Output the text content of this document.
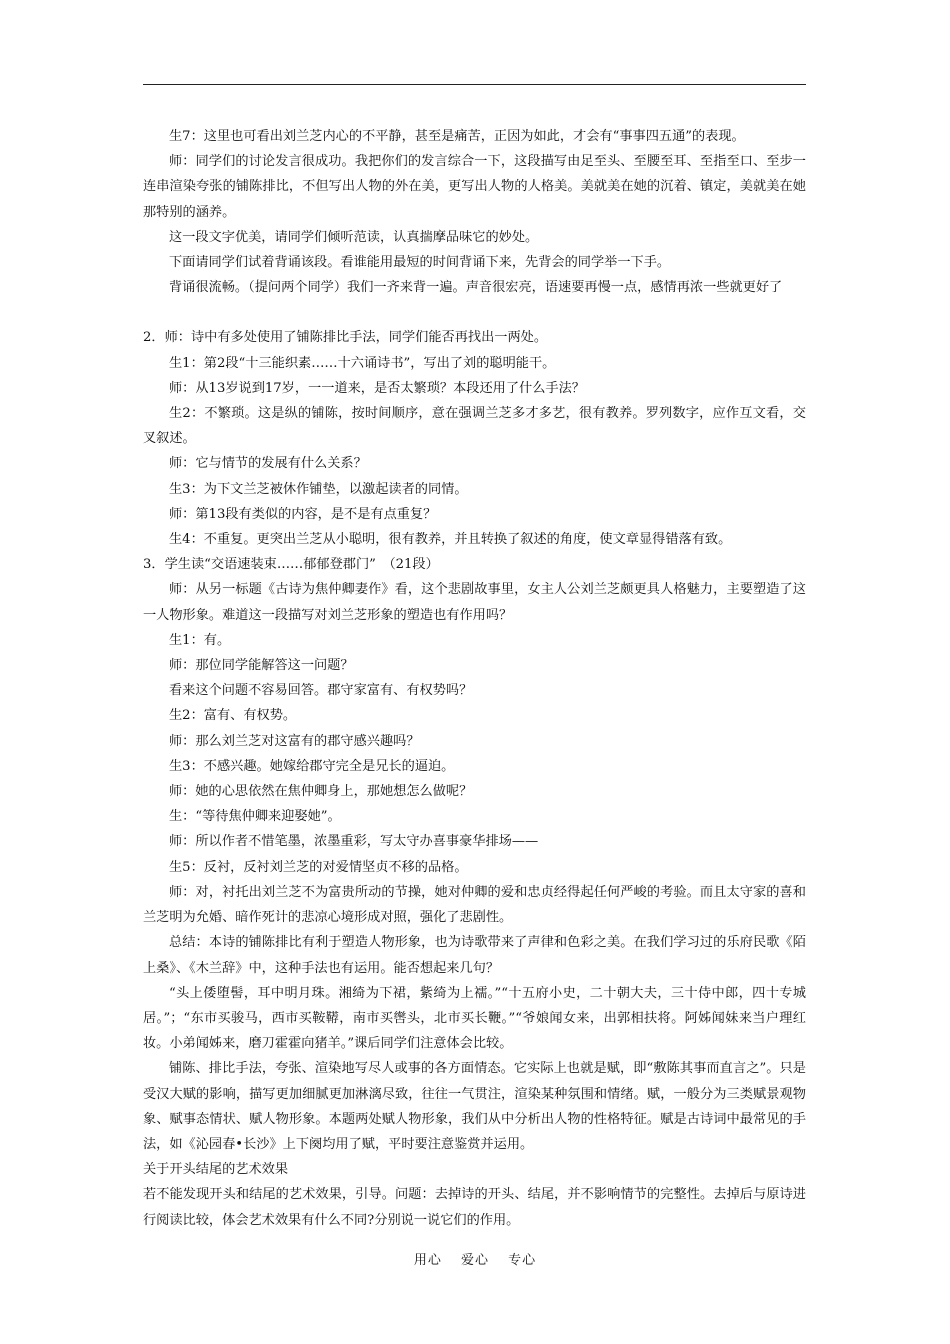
生7：这里也可看出刘兰芝内心的不平静，甚至是痛苦，正因为如此，才会有“事事四五通”的表现。

师：同学们的讨论发言很成功。我把你们的发言综合一下，这段描写由足至头、至腰至耳、至指至口、至步一连串渲染夸张的铺陈排比，不但写出人物的外在美，更写出人物的人格美。美就美在她的沉着、镇定，美就美在她那特别的涵养。

这一段文字优美，请同学们倾听范读，认真揣摩品味它的妙处。

下面请同学们试着背诵该段。看谁能用最短的时间背诵下来，先背会的同学举一下手。

背诵很流畅。（提问两个同学）我们一齐来背一遍。声音很宏亮，语速要再慢一点，感情再浓一些就更好了

2．师：诗中有多处使用了铺陈排比手法，同学们能否再找出一两处。

生1：第2段“十三能织素……十六诵诗书”，写出了刘的聪明能干。

师：从13岁说到17岁，一一道来，是否太繁琐？本段还用了什么手法？

生2：不繁琐。这是纵的铺陈，按时间顺序，意在强调兰芝多才多艺，很有教养。罗列数字，应作互文看，交叉叙述。

师：它与情节的发展有什么关系？

生3：为下文兰芝被休作铺垫，以激起读者的同情。

师：第13段有类似的内容，是不是有点重复？

生4：不重复。更突出兰芝从小聪明，很有教养，并且转换了叙述的角度，使文章显得错落有致。

3．学生读“交语速装束……郁郁登郡门”　（21段）

师：从另一标题《古诗为焦仲卿妻作》看，这个悲剧故事里，女主人公刘兰芝颇更具人格魅力，主要塑造了这一人物形象。难道这一段描写对刘兰芝形象的塑造也有作用吗？

生1：有。

师：那位同学能解答这一问题？

看来这个问题不容易回答。郡守家富有、有权势吗？

生2：富有、有权势。

师：那么刘兰芝对这富有的郡守感兴趣吗？

生3：不感兴趣。她嫁给郡守完全是兄长的逼迫。

师：她的心思依然在焦仲卿身上，那她想怎么做呢？

生：“等待焦仲卿来迎娶她”。

师：所以作者不惜笔墨，浓墨重彩，写太守办喜事豪华排场——

生5：反衬，反衬刘兰芝的对爱情坚贞不移的品格。

师：对，衬托出刘兰芝不为富贵所动的节操，她对仲卿的爱和忠贞经得起任何严峻的考验。而且太守家的喜和兰芝明为允婚、暗作死计的悲凉心境形成对照，强化了悲剧性。

总结：本诗的铺陈排比有利于塑造人物形象，也为诗歌带来了声律和色彩之美。在我们学习过的乐府民歌《陌上桑》、《木兰辞》中，这种手法也有运用。能否想起来几句？

“头上倭堕髻，耳中明月珠。湘绮为下裙，紫绮为上襦。”“十五府小史，二十朝大夫，三十侍中郎，四十专城居。”；“东市买骏马，西市买鞍鞯，南市买辔头，北市买长鞭。”“爷娘闻女来，出郭相扶将。阿姊闻妹来当户理红妆。小弟闻姊来，磨刀霍霍向猪羊。”课后同学们注意体会比较。

铺陈、排比手法，夸张、渲染地写尽人或事的各方面情态。它实际上也就是赋，即“敷陈其事而直言之”。只是受汉大赋的影响，描写更加细腻更加淋漓尽致，往往一气贯注，渲染某种氛围和情绪。赋，一般分为三类赋景观物象、赋事态情状、赋人物形象。本题两处赋人物形象，我们从中分析出人物的性格特征。赋是古诗词中最常见的手法，如《沁园春•长沙》上下阕均用了赋，平时要注意鉴赏并运用。

关于开头结尾的艺术效果

若不能发现开头和结尾的艺术效果，引导。问题：去掉诗的开头、结尾，并不影响情节的完整性。去掉后与原诗进行阅读比较，体会艺术效果有什么不同?分别说一说它们的作用。

用心 爱心 专心
